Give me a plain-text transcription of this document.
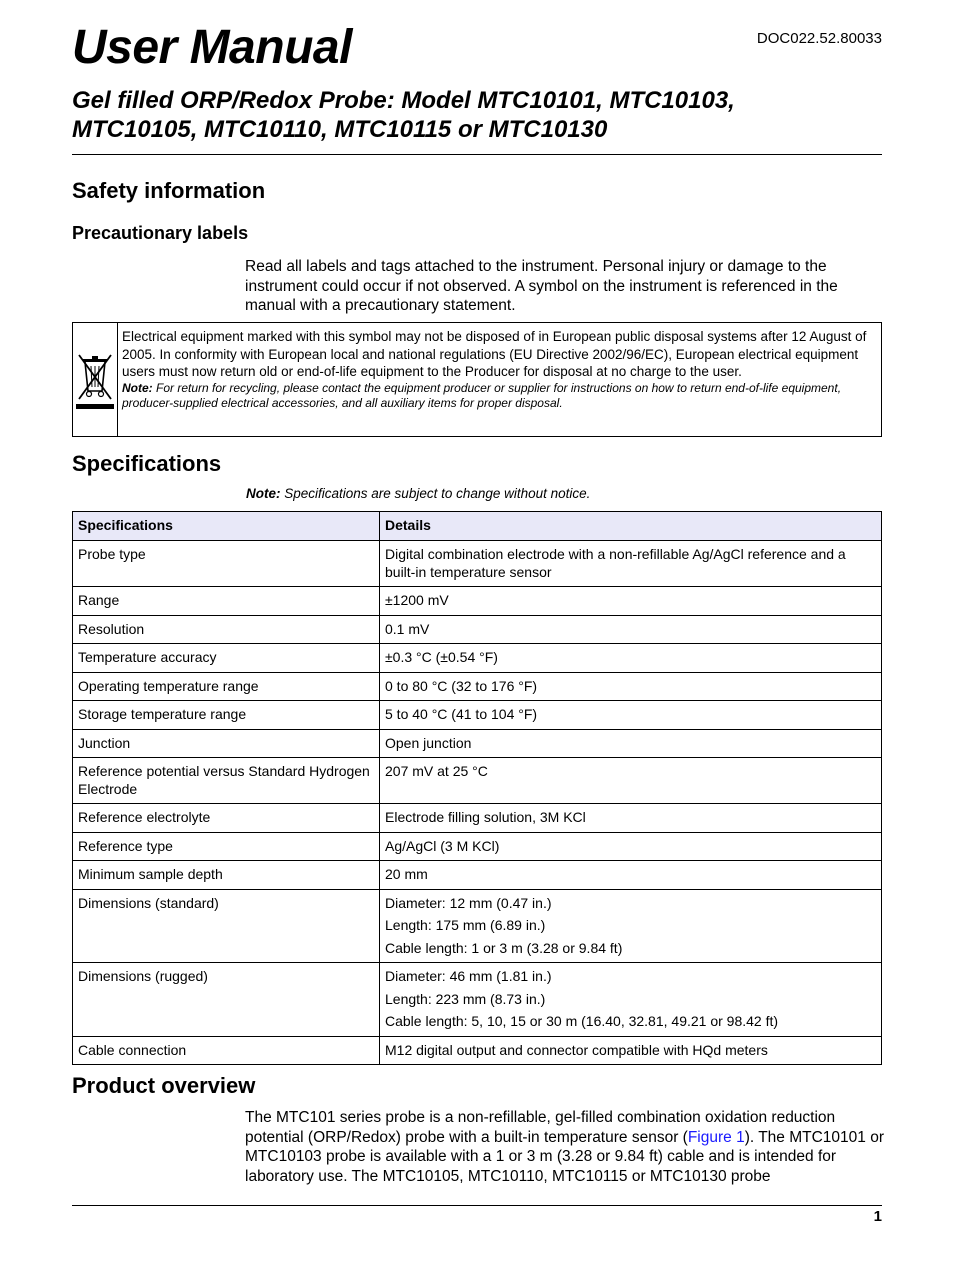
DOC022.52.80033
User Manual
Gel filled ORP/Redox Probe: Model MTC10101, MTC10103,
MTC10105, MTC10110, MTC10115 or MTC10130
Safety information
Precautionary labels
Read all labels and tags attached to the instrument. Personal injury or damage to the instrument could occur if not observed. A symbol on the instrument is referenced in the manual with a precautionary statement.
Electrical equipment marked with this symbol may not be disposed of in European public disposal systems after 12 August of 2005. In conformity with European local and national regulations (EU Directive 2002/96/EC), European electrical equipment users must now return old or end-of-life equipment to the Producer for disposal at no charge to the user.
Note: For return for recycling, please contact the equipment producer or supplier for instructions on how to return end-of-life equipment, producer-supplied electrical accessories, and all auxiliary items for proper disposal.
Specifications
Note: Specifications are subject to change without notice.
Specifications	Details
Probe type	Digital combination electrode with a non-refillable Ag/AgCl reference and a built-in temperature sensor

Range	±1200 mV

Resolution	0.1 mV

Temperature accuracy	±0.3 °C (±0.54 °F)

Operating temperature range	0 to 80 °C (32 to 176 °F)

Storage temperature range	5 to 40 °C (41 to 104 °F)

Junction	Open junction

Reference potential versus Standard Hydrogen Electrode	207 mV at 25 °C

Reference electrolyte	Electrode filling solution, 3M KCl

Reference type	Ag/AgCl (3 M KCl)

Minimum sample depth	20 mm

Dimensions (standard)	Diameter: 12 mm (0.47 in.)
Length: 175 mm (6.89 in.)
Cable length: 1 or 3 m (3.28 or 9.84 ft)

Dimensions (rugged)	Diameter: 46 mm (1.81 in.)
Length: 223 mm (8.73 in.)
Cable length: 5, 10, 15 or 30 m (16.40, 32.81, 49.21 or 98.42 ft)

Cable connection	M12 digital output and connector compatible with HQd meters
Product overview
The MTC101 series probe is a non-refillable, gel-filled combination oxidation reduction potential (ORP/Redox) probe with a built-in temperature sensor (Figure 1). The MTC10101 or MTC10103 probe is available with a 1 or 3 m (3.28 or 9.84 ft) cable and is intended for laboratory use. The MTC10105, MTC10110, MTC10115 or MTC10130 probe
1
